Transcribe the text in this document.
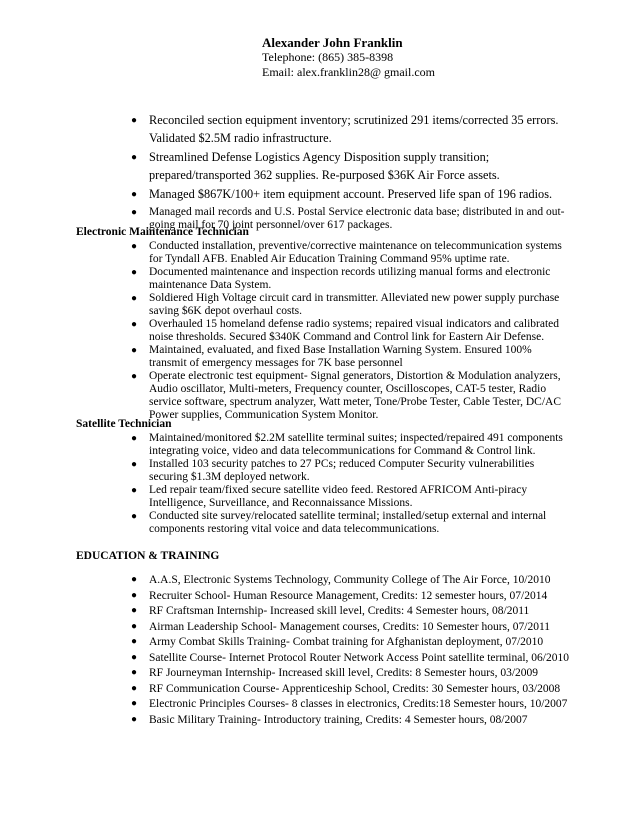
Alexander John Franklin
Telephone: (865) 385-8398
Email: alex.franklin28@ gmail.com
● Reconciled section equipment inventory; scrutinized 291 items/corrected 35 errors. Validated $2.5M radio infrastructure.
● Streamlined Defense Logistics Agency Disposition supply transition; prepared/transported 362 supplies. Re-purposed $36K Air Force assets.
● Managed $867K/100+ item equipment account. Preserved life span of 196 radios.
● Managed mail records and U.S. Postal Service electronic data base; distributed in and out-going mail for 70 joint personnel/over 617 packages.
Electronic Maintenance Technician
● Conducted installation, preventive/corrective maintenance on telecommunication systems for Tyndall AFB. Enabled Air Education Training Command 95% uptime rate.
● Documented maintenance and inspection records utilizing manual forms and electronic maintenance Data System.
● Soldiered High Voltage circuit card in transmitter. Alleviated new power supply purchase saving $6K depot overhaul costs.
● Overhauled 15 homeland defense radio systems; repaired visual indicators and calibrated noise thresholds. Secured $340K Command and Control link for Eastern Air Defense.
● Maintained, evaluated, and fixed Base Installation Warning System. Ensured 100% transmit of emergency messages for 7K base personnel
● Operate electronic test equipment- Signal generators, Distortion & Modulation analyzers, Audio oscillator, Multi-meters, Frequency counter, Oscilloscopes, CAT-5 tester, Radio service software, spectrum analyzer, Watt meter, Tone/Probe Tester, Cable Tester, DC/AC Power supplies, Communication System Monitor.
Satellite Technician
● Maintained/monitored $2.2M satellite terminal suites; inspected/repaired 491 components integrating voice, video and data telecommunications for Command & Control link.
● Installed 103 security patches to 27 PCs; reduced Computer Security vulnerabilities securing $1.3M deployed network.
● Led repair team/fixed secure satellite video feed. Restored AFRICOM Anti-piracy Intelligence, Surveillance, and Reconnaissance Missions.
● Conducted site survey/relocated satellite terminal; installed/setup external and internal components restoring vital voice and data telecommunications.
EDUCATION & TRAINING
● A.A.S, Electronic Systems Technology, Community College of The Air Force, 10/2010
● Recruiter School- Human Resource Management, Credits: 12 semester hours, 07/2014
● RF Craftsman Internship- Increased skill level, Credits: 4 Semester hours, 08/2011
● Airman Leadership School- Management courses, Credits: 10 Semester hours, 07/2011
● Army Combat Skills Training- Combat training for Afghanistan deployment, 07/2010
● Satellite Course- Internet Protocol Router Network Access Point satellite terminal, 06/2010
● RF Journeyman Internship- Increased skill level, Credits: 8 Semester hours, 03/2009
● RF Communication Course- Apprenticeship School, Credits: 30 Semester hours, 03/2008
● Electronic Principles Courses- 8 classes in electronics, Credits:18 Semester hours, 10/2007
● Basic Military Training- Introductory training, Credits: 4 Semester hours, 08/2007
